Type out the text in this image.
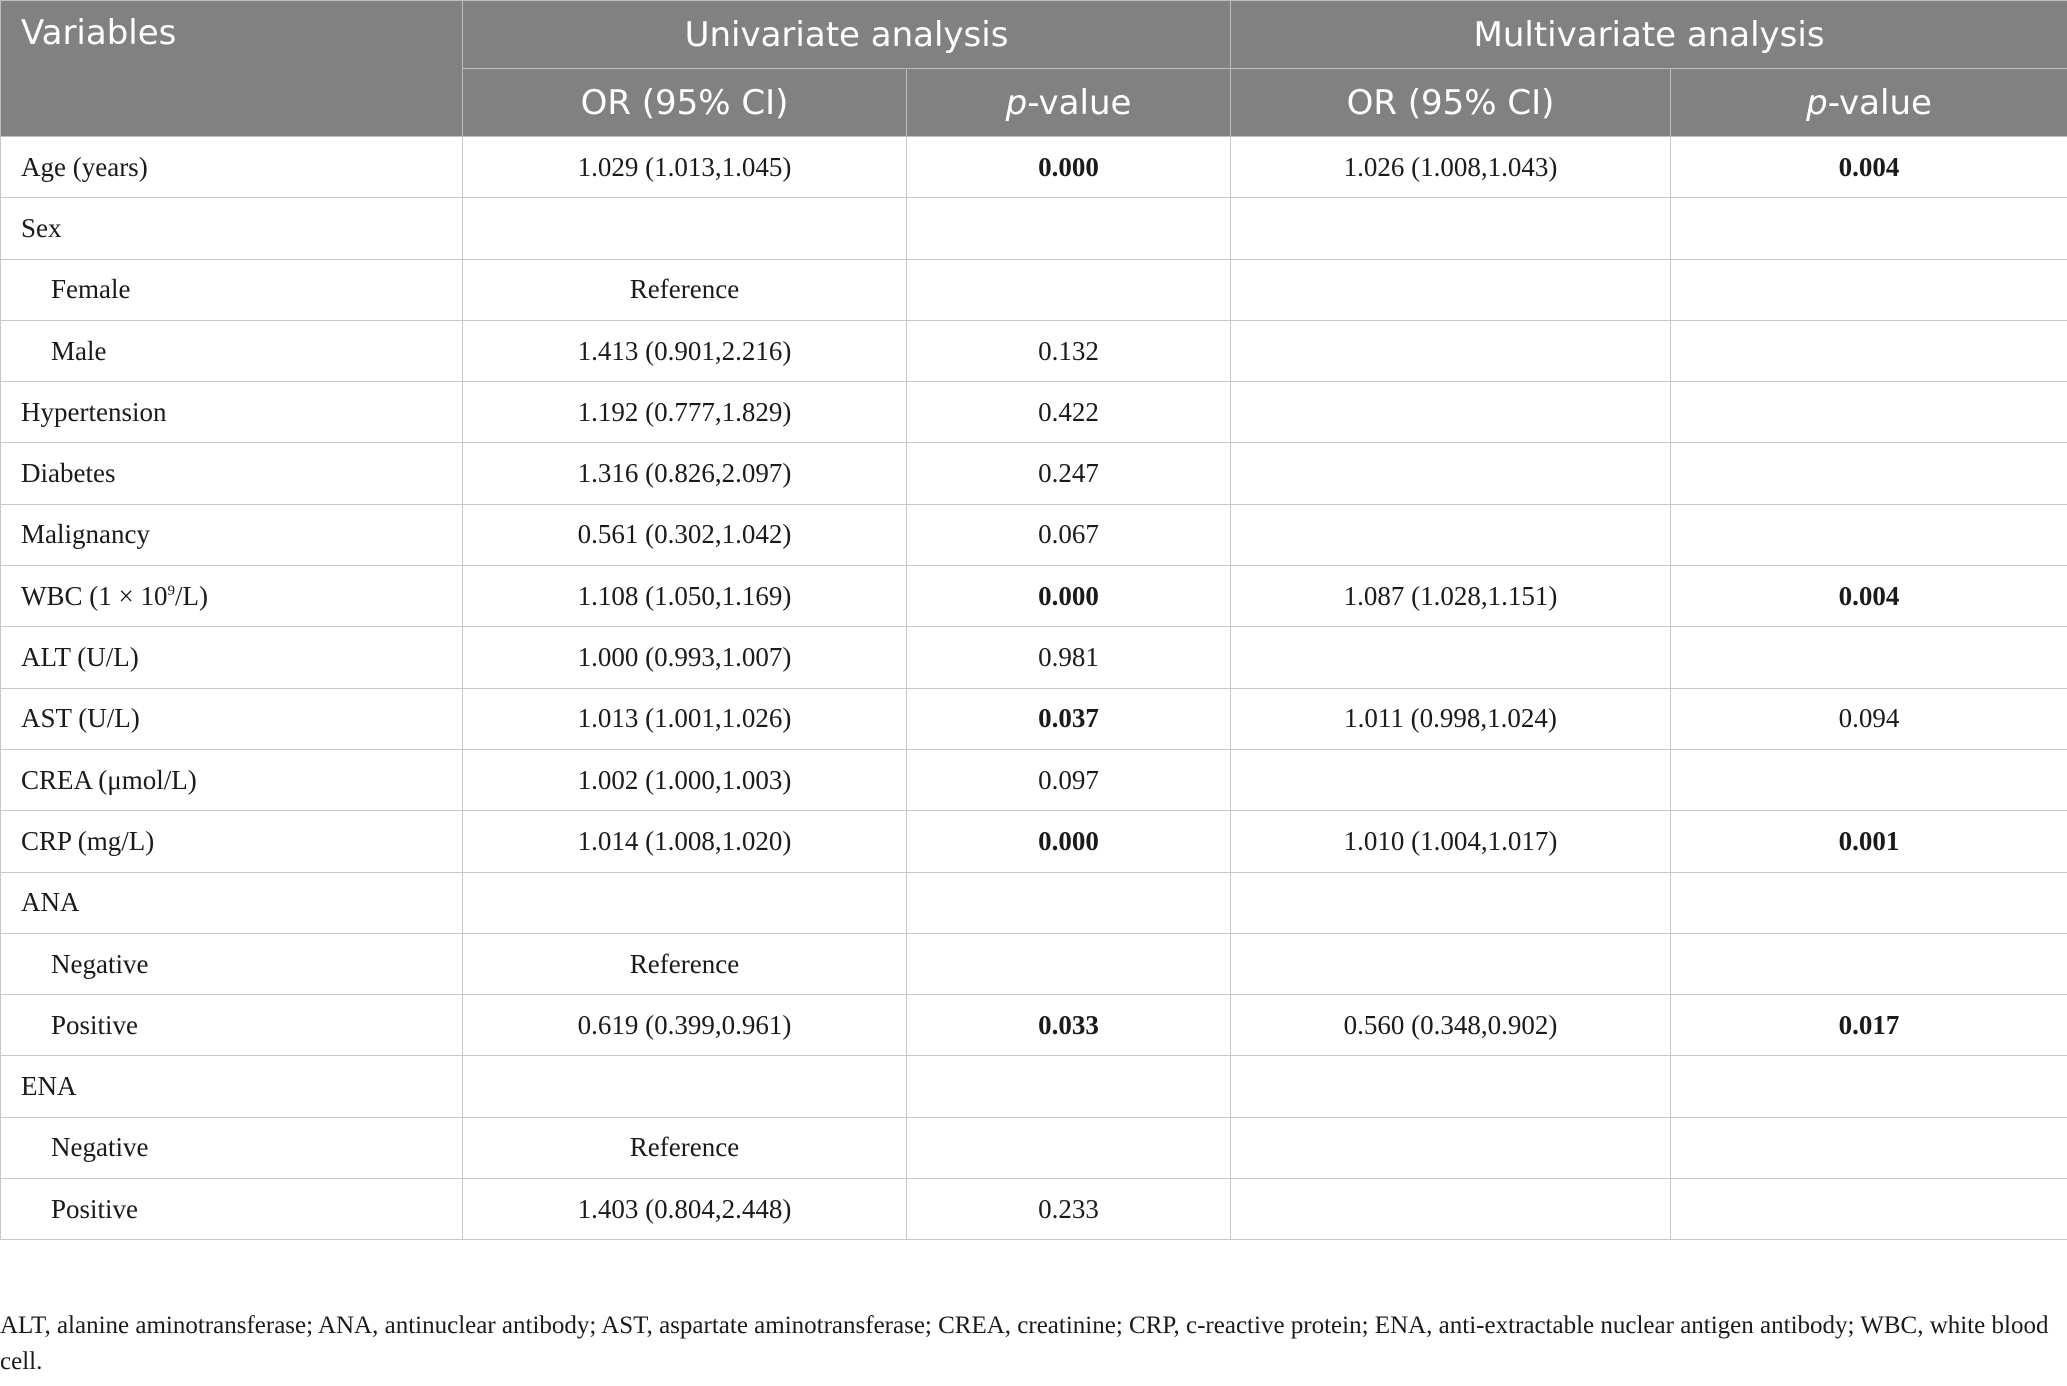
Variables	Univariate analysis		Multivariate analysis	
	OR (95% CI)	p-value	OR (95% CI)	p-value
Age (years)	1.029 (1.013,1.045)	0.000	1.026 (1.008,1.043)	0.004
Sex				
Female	Reference			
Male	1.413 (0.901,2.216)	0.132		
Hypertension	1.192 (0.777,1.829)	0.422		
Diabetes	1.316 (0.826,2.097)	0.247		
Malignancy	0.561 (0.302,1.042)	0.067		
WBC $(1 \times 10^9/L)$	1.108 (1.050,1.169)	0.000	1.087 (1.028,1.151)	0.004
ALT (U/L)	1.000 (0.993,1.007)	0.981		
AST (U/L)	1.013 (1.001,1.026)	0.037	1.011 (0.998,1.024)	0.094
CREA (μmol/L)	1.002 (1.000,1.003)	0.097		
CRP (mg/L)	1.014 (1.008,1.020)	0.000	1.010 (1.004,1.017)	0.001
ANA				
Negative	Reference			
Positive	0.619 (0.399,0.961)	0.033	0.560 (0.348,0.902)	0.017
ENA				
Negative	Reference			
Positive	1.403 (0.804,2.448)	0.233		
ALT, alanine aminotransferase; ANA, antinuclear antibody; AST, aspartate aminotransferase; CREA, creatinine; CRP, c-reactive protein; ENA, anti-extractable nuclear antigen antibody; WBC, white blood cell.
